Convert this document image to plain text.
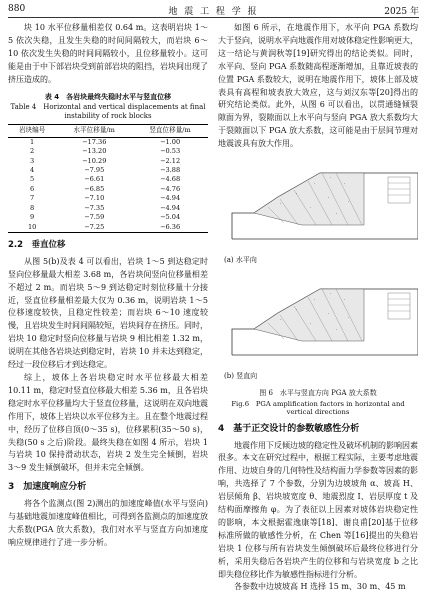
880	地 震 工 程 学 报	2025 年

块 10 水平位移量相差仅 0.64 m。这表明岩块 1～5 依次失稳，且发生失稳的时间间隔较大，而岩块 6～10 依次发生失稳的时间间隔较小，且位移量较小。这可能是由于中下部岩块受到前部岩块的阻挡，岩块间出现了挤压造成的。

表 4　各岩块最终失稳时水平与竖直位移
Table 4　Horizontal and vertical displacements at final instability of rock blocks
岩块编号	水平位移量/m	竖直位移量/m
1	−17.36	−1.00
2	−13.20	−0.53
3	−10.29	−2.12
4	−7.95	−3.88
5	−6.61	−4.68
6	−6.85	−4.76
7	−7.10	−4.94
8	−7.35	−4.94
9	−7.59	−5.04
10	−7.25	−6.36
2.2　垂直位移

从图 5(b)及表 4 可以看出，岩块 1～5 到达稳定时竖向位移量最大相差 3.68 m，各岩块间竖向位移量相差不超过 2 m。而岩块 5～9 到达稳定时刻位移量十分接近，竖直位移量相差最大仅为 0.36 m，说明岩块 1～5 位移速度较快，且稳定性较差；而岩块 6～10 速度较慢，且岩块发生时间间隔较短，岩块间存在挤压。同时，岩块 10 稳定时竖向位移量与岩块 9 相比相差 1.32 m，说明在其他各岩块达到稳定时，岩块 10 并未达到稳定，经过一段位移后才到达稳定。

综上，坡体上各岩块稳定时水平位移最大相差 10.11 m，稳定时竖直位移最大相差 5.36 m，且各岩块稳定时水平位移量均大于竖直位移量，这说明在双向地震作用下，坡体上岩块以水平位移为主。且在整个地震过程中，经历了位移自顶(0～35 s)，位移累积(35～50 s)，失稳(50 s 之后)阶段。最终失稳在如图 4 所示，岩块 1 与岩块 10 保持滑动状态，岩块 2 发生完全倾倒，岩块 3～9 发生倾倒破坏，但并未完全倾倒。

3　加速度响应分析

将各个监测点(图 2)测出的加速度峰值(水平与竖向)与基础地震加速度峰值相比，可得到各监测点的加速度放大系数(PGA 放大系数)，我们对水平与竖直方向加速度响应规律进行了进一步分析。

如图 6 所示，在地震作用下，水平向 PGA 系数均大于竖向，说明水平向地震作用对坡体稳定性影响更大，这一结论与黄润秋等[19]研究得出的结论类似。同时，水平向、竖向 PGA 系数随高程逐渐增加，且靠近坡表的位置 PGA 系数较大，说明在地震作用下，坡体上部及坡表具有高程和坡表放大效应，这与刘汉东等[20]得出的研究结论类似。此外，从图 6 可以看出，以贯通缝倾裂隙面为界，裂隙面以上水平向与竖向 PGA 放大系数均大于裂隙面以下 PGA 放大系数，这可能是由于层间节理对地震波具有放大作用。

·
·
·
·
·
·
·
·
·
(a) 水平向
·
·
·
·
·
·
·
·
·
(b) 竖直向
图 6　水平与竖直方向 PGA 放大系数
Fig.6　PGA amplification factors in horizontal and vertical directions
4　基于正交设计的参数敏感性分析

地震作用下反倾边坡的稳定性及破坏机制的影响因素很多。本文在研究过程中，根据工程实际，主要考虑地震作用、边坡自身的几何特性及结构面力学参数等因素的影响，共选择了 7 个参数，分别为边坡坡角 α、坡高 H、岩层倾角 β、岩块坡宽度 θ、地震烈度 I、岩层厚度 t 及结构面摩擦角 φ。为了表征以上因素对坡体岩块稳定性的影响，本文根据霍逸康等[18]、谢良甫[20]基于位移标准所做的敏感性分析，在 Chen 等[16]提出的失稳岩岩块 1 位移与所有岩块发生倾倒破坏后最终位移进行分析，采用失稳后各岩块产生的位移和与岩块宽度 b 之比即失稳位移比作为敏感性指标进行分析。

各参数中边坡坡高 H 选择 15 m、30 m、45 m
